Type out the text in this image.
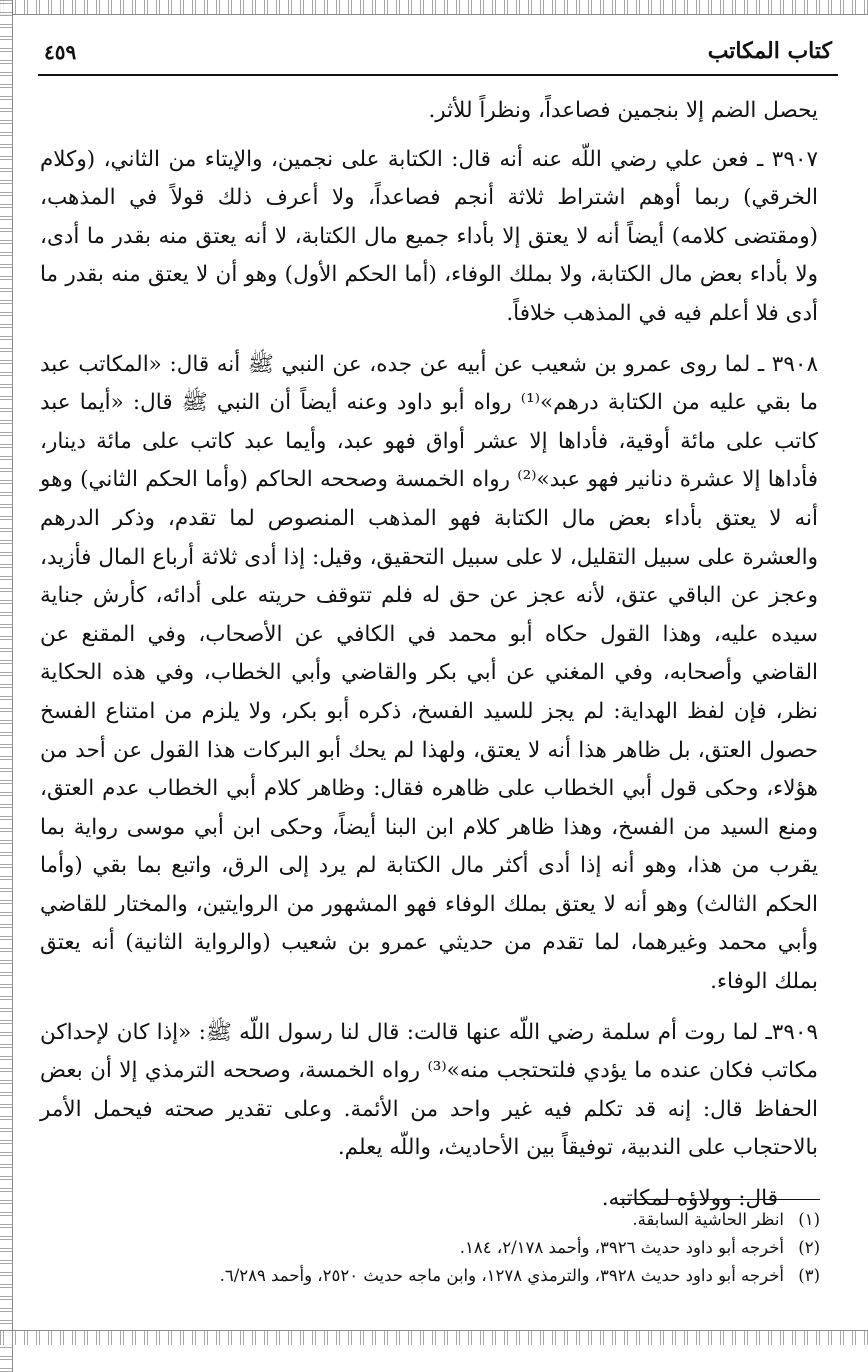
٤٥٩	كتاب المكاتب

يحصل الضم إلا بنجمين فصاعداً، ونظراً للأثر.

٣٩٠٧ ـ فعن علي رضي اللّه عنه أنه قال: الكتابة على نجمين، والإيتاء من الثاني، (وكلام الخرقي) ربما أوهم اشتراط ثلاثة أنجم فصاعداً، ولا أعرف ذلك قولاً في المذهب، (ومقتضى كلامه) أيضاً أنه لا يعتق إلا بأداء جميع مال الكتابة، لا أنه يعتق منه بقدر ما أدى، ولا بأداء بعض مال الكتابة، ولا بملك الوفاء، (أما الحكم الأول) وهو أن لا يعتق منه بقدر ما أدى فلا أعلم فيه في المذهب خلافاً.

٣٩٠٨ ـ لما روى عمرو بن شعيب عن أبيه عن جده، عن النبي ﷺ أنه قال: «المكاتب عبد ما بقي عليه من الكتابة درهم»⁽¹⁾ رواه أبو داود وعنه أيضاً أن النبي ﷺ قال: «أيما عبد كاتب على مائة أوقية، فأداها إلا عشر أواق فهو عبد، وأيما عبد كاتب على مائة دينار، فأداها إلا عشرة دنانير فهو عبد»⁽²⁾ رواه الخمسة وصححه الحاكم (وأما الحكم الثاني) وهو أنه لا يعتق بأداء بعض مال الكتابة فهو المذهب المنصوص لما تقدم، وذكر الدرهم والعشرة على سبيل التقليل، لا على سبيل التحقيق، وقيل: إذا أدى ثلاثة أرباع المال فأزيد، وعجز عن الباقي عتق، لأنه عجز عن حق له فلم تتوقف حريته على أدائه، كأرش جناية سيده عليه، وهذا القول حكاه أبو محمد في الكافي عن الأصحاب، وفي المقنع عن القاضي وأصحابه، وفي المغني عن أبي بكر والقاضي وأبي الخطاب، وفي هذه الحكاية نظر، فإن لفظ الهداية: لم يجز للسيد الفسخ، ذكره أبو بكر، ولا يلزم من امتناع الفسخ حصول العتق، بل ظاهر هذا أنه لا يعتق، ولهذا لم يحك أبو البركات هذا القول عن أحد من هؤلاء، وحكى قول أبي الخطاب على ظاهره فقال: وظاهر كلام أبي الخطاب عدم العتق، ومنع السيد من الفسخ، وهذا ظاهر كلام ابن البنا أيضاً، وحكى ابن أبي موسى رواية بما يقرب من هذا، وهو أنه إذا أدى أكثر مال الكتابة لم يرد إلى الرق، واتبع بما بقي (وأما الحكم الثالث) وهو أنه لا يعتق بملك الوفاء فهو المشهور من الروايتين، والمختار للقاضي وأبي محمد وغيرهما، لما تقدم من حديثي عمرو بن شعيب (والرواية الثانية) أنه يعتق بملك الوفاء.

٣٩٠٩ـ لما روت أم سلمة رضي اللّه عنها قالت: قال لنا رسول اللّه ﷺ: «إذا كان لإحداكن مكاتب فكان عنده ما يؤدي فلتحتجب منه»⁽³⁾ رواه الخمسة، وصححه الترمذي إلا أن بعض الحفاظ قال: إنه قد تكلم فيه غير واحد من الأئمة. وعلى تقدير صحته فيحمل الأمر بالاحتجاب على الندبية، توفيقاً بين الأحاديث، واللّه يعلم.

قال: وولاؤه لمكاتبه.

(١)انظر الحاشية السابقة.
(٢)أخرجه أبو داود حديث ٣٩٢٦، وأحمد ٢/١٧٨، ١٨٤.
(٣)أخرجه أبو داود حديث ٣٩٢٨، والترمذي ١٢٧٨، وابن ماجه حديث ٢٥٢٠، وأحمد ٦/٢٨٩.
